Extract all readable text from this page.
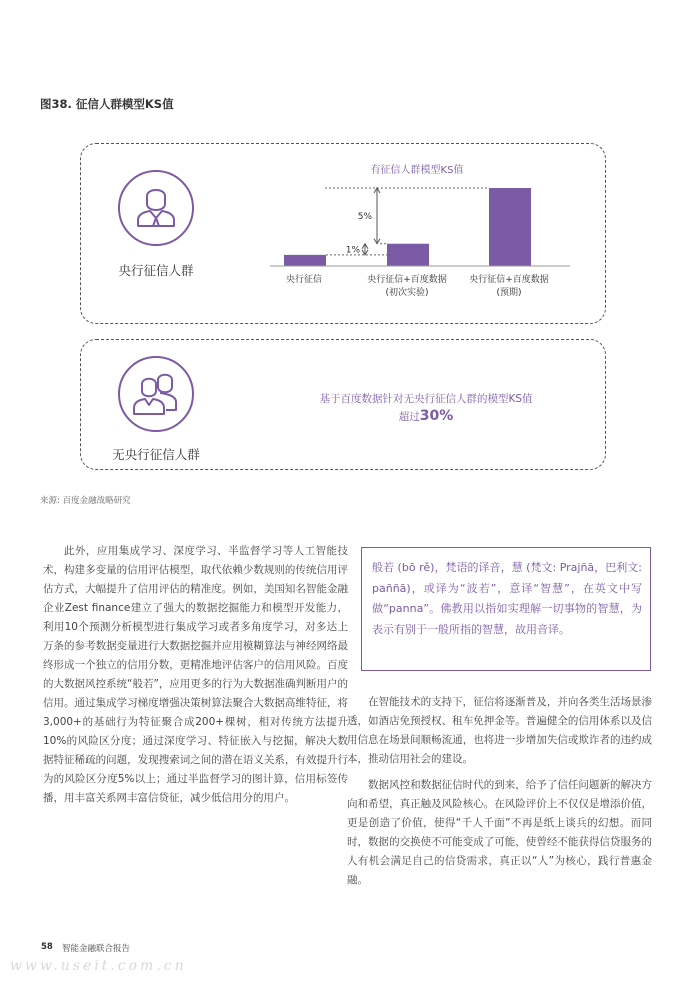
图38. 征信人群模型KS值
央行征信人群
有征信人群模型KS值
1%
5%
央行征信	央行征信+百度数据
(初次实验)
央行征信+百度数据
(预期)
无央行征信人群
基于百度数据针对无央行征信人群的模型KS值
超过30%
来源: 百度金融战略研究
此外，应用集成学习、深度学习、半监督学习等人工智能技术，构建多变量的信用评估模型，取代依赖少数规则的传统信用评估方式，大幅提升了信用评估的精准度。例如，美国知名智能金融企业Zest finance建立了强大的数据挖掘能力和模型开发能力，利用10个预测分析模型进行集成学习或者多角度学习，对多达上万条的参考数据变量进行大数据挖掘并应用模糊算法与神经网络最终形成一个独立的信用分数，更精准地评估客户的信用风险。百度的大数据风控系统“般若”，应用更多的行为大数据准确判断用户的信用。通过集成学习梯度增强决策树算法聚合大数据高维特征，将3,000+的基础行为特征聚合成200+棵树，相对传统方法提升10%的风险区分度；通过深度学习、特征嵌入与挖掘，解决大数据特征稀疏的问题，发现搜索词之间的潜在语义关系，有效提升行为的风险区分度5%以上；通过半监督学习的图计算，信用标签传播，用丰富关系网丰富信贷征，减少低信用分的用户。
般若 (bō rě)，梵语的译音，慧 (梵文: Prajñā，巴利文: paññā)，或译为“波若”，意译“智慧”，在英文中写做“panna”。佛教用以指如实理解一切事物的智慧，为表示有别于一般所指的智慧，故用音译。
在智能技术的支持下，征信将逐渐普及，并向各类生活场景渗透，如酒店免预授权、租车免押金等。普遍健全的信用体系以及信用信息在场景间顺畅流通，也将进一步增加失信或欺诈者的违约成本，推动信用社会的建设。
数据风控和数据征信时代的到来，给予了信任问题新的解决方向和希望，真正触及风险核心。在风险评价上不仅仅是增添价值，更是创造了价值，使得“千人千面”不再是纸上谈兵的幻想。而同时，数据的交换使不可能变成了可能，使曾经不能获得信贷服务的人有机会满足自己的信贷需求，真正以“人”为核心，践行普惠金融。
58 智能金融联合报告
www.useit.com.cn
